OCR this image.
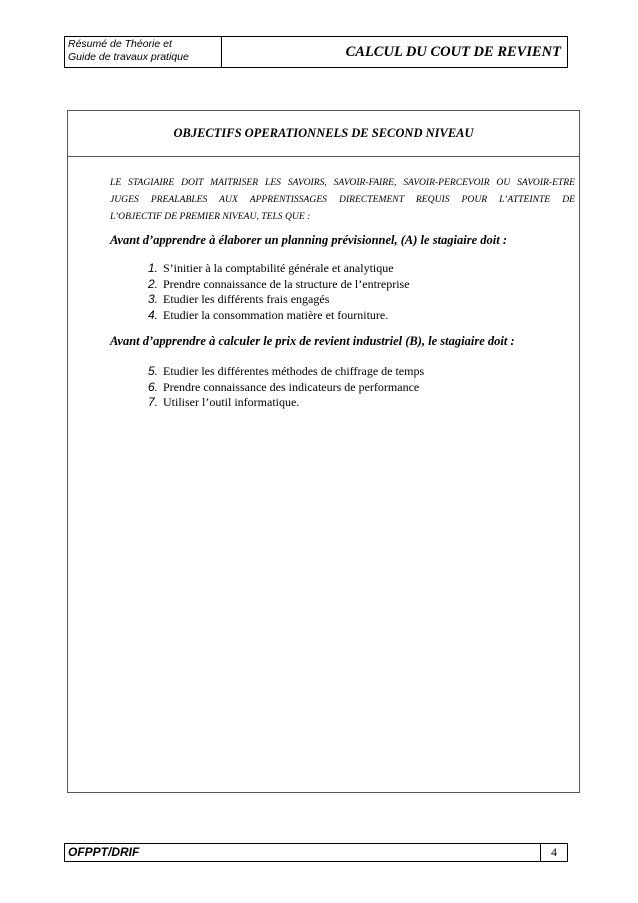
Résumé de Théorie et
Guide de travaux pratique	CALCUL DU COUT DE REVIENT
OBJECTIFS OPERATIONNELS DE SECOND NIVEAU
LE STAGIAIRE DOIT MAITRISER LES SAVOIRS, SAVOIR-FAIRE, SAVOIR-PERCEVOIR OU SAVOIR-ETRE
JUGES PREALABLES AUX APPRENTISSAGES DIRECTEMENT REQUIS POUR L’ATTEINTE DE
L’OBJECTIF DE PREMIER NIVEAU, TELS QUE :
Avant d’apprendre à élaborer un planning prévisionnel, (A) le stagiaire doit :
1. S’initier à la comptabilité générale et analytique
2. Prendre connaissance de la structure de l’entreprise
3. Etudier les différents frais engagés
4. Etudier la consommation matière et fourniture.
Avant d’apprendre à calculer le prix de revient industriel (B), le stagiaire doit :
5. Etudier les différentes méthodes de chiffrage de temps
6. Prendre connaissance des indicateurs de performance
7. Utiliser l’outil informatique.
OFPPT/DRIF	4
